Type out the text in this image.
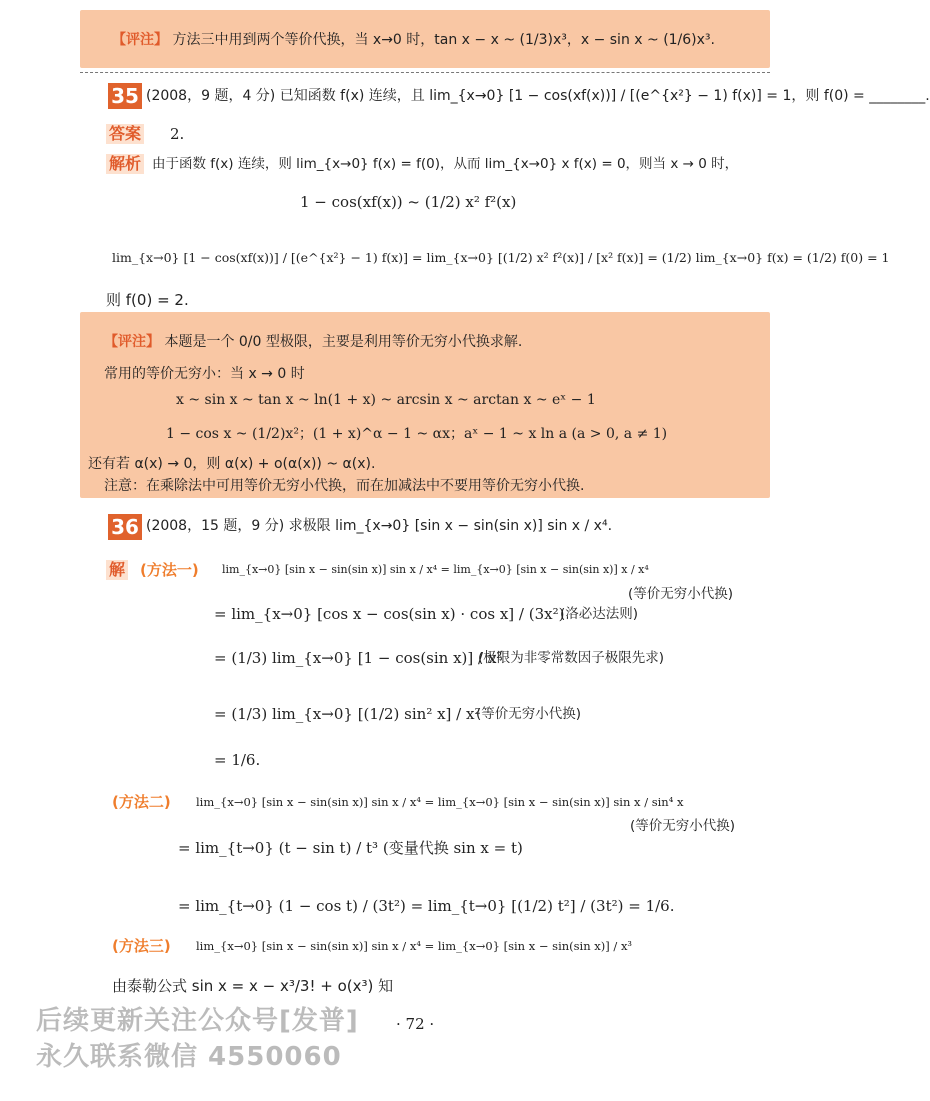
【评注】 方法三中用到两个等价代换，当 x→0 时，tan x − x ~ (1/3)x³，x − sin x ~ (1/6)x³.
35 (2008，9 题，4 分) 已知函数 f(x) 连续，且 lim_{x→0} [1 − cos(xf(x))] / [(e^{x²} − 1) f(x)] = 1，则 f(0) = ________.
答案 2.
解析 由于函数 f(x) 连续，则 lim_{x→0} f(x) = f(0)，从而 lim_{x→0} x f(x) = 0，则当 x → 0 时，
1 − cos(xf(x)) ~ (1/2) x² f²(x)
lim_{x→0} [1 − cos(xf(x))] / [(e^{x²} − 1) f(x)] = lim_{x→0} [(1/2) x² f²(x)] / [x² f(x)] = (1/2) lim_{x→0} f(x) = (1/2) f(0) = 1
则 f(0) = 2.
【评注】 本题是一个 0/0 型极限，主要是利用等价无穷小代换求解.
常用的等价无穷小：当 x → 0 时
x ~ sin x ~ tan x ~ ln(1 + x) ~ arcsin x ~ arctan x ~ eˣ − 1
1 − cos x ~ (1/2)x²；(1 + x)^α − 1 ~ αx；aˣ − 1 ~ x ln a (a > 0, a ≠ 1)
还有若 α(x) → 0，则 α(x) + o(α(x)) ~ α(x).
注意：在乘除法中可用等价无穷小代换，而在加减法中不要用等价无穷小代换.
36 (2008，15 题，9 分) 求极限 lim_{x→0} [sin x − sin(sin x)] sin x / x⁴.
解 (方法一) lim_{x→0} [sin x − sin(sin x)] sin x / x⁴ = lim_{x→0} [sin x − sin(sin x)] x / x⁴
(等价无穷小代换)
= lim_{x→0} [cos x − cos(sin x) · cos x] / (3x²)
(洛必达法则)
= (1/3) lim_{x→0} [1 − cos(sin x)] / x²
(极限为非零常数因子极限先求)
= (1/3) lim_{x→0} [(1/2) sin² x] / x²
(等价无穷小代换)
= 1/6.
(方法二) lim_{x→0} [sin x − sin(sin x)] sin x / x⁴ = lim_{x→0} [sin x − sin(sin x)] sin x / sin⁴ x
(等价无穷小代换)
= lim_{t→0} (t − sin t) / t³ (变量代换 sin x = t)
= lim_{t→0} (1 − cos t) / (3t²) = lim_{t→0} [(1/2) t²] / (3t²) = 1/6.
(方法三) lim_{x→0} [sin x − sin(sin x)] sin x / x⁴ = lim_{x→0} [sin x − sin(sin x)] / x³
由泰勒公式 sin x = x − x³/3! + o(x³) 知
· 72 ·
后续更新关注公众号[发普]
永久联系微信 4550060
